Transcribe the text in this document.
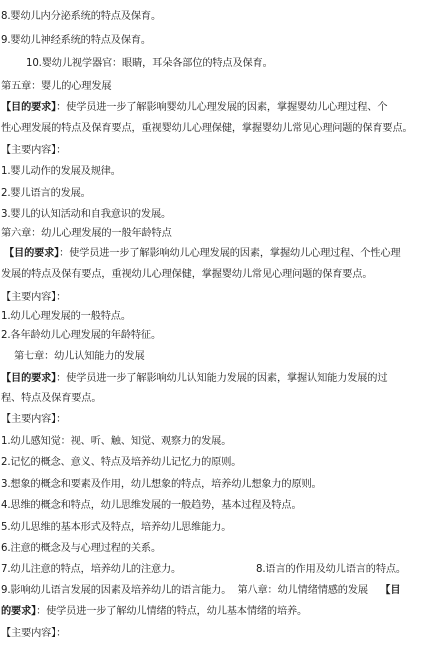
8.婴幼儿内分泌系统的特点及保育。
9.婴幼儿神经系统的特点及保育。
10.婴幼儿视学器官：眼睛，耳朵各部位的特点及保育。
第五章：婴儿的心理发展
【目的要求】：使学员进一步了解影响婴幼儿心理发展的因素，掌握婴幼儿心理过程、个
性心理发展的特点及保育要点，重视婴幼儿心理保健，掌握婴幼儿常见心理问题的保育要点。
【主要内容】：
1.婴儿动作的发展及规律。
2.婴儿语言的发展。
3.婴儿的认知活动和自我意识的发展。
第六章：幼儿心理发展的一般年龄特点
【目的要求】：使学员进一步了解影响幼儿心理发展的因素，掌握幼儿心理过程、个性心理
发展的特点及保有要点，重视幼儿心理保健，掌握婴幼儿常见心理问题的保育要点。
【主要内容】：
1.幼儿心理发展的一般特点。
2.各年龄幼儿心理发展的年龄特征。
第七章：幼儿认知能力的发展
【目的要求】：使学员进一步了解影响幼儿认知能力发展的因素，掌握认知能力发展的过
程、特点及保育要点。
【主要内容】：
1.幼儿感知觉：视、听、触、知觉、观察力的发展。
2.记忆的概念、意义、特点及培养幼儿记忆力的原则。
3.想象的概念和要素及作用，幼儿想象的特点，培养幼儿想象力的原则。
4.思维的概念和特点，幼儿思维发展的一般趋势，基本过程及特点。
5.幼儿思维的基本形式及特点，培养幼儿思维能力。
6.注意的概念及与心理过程的关系。
7.幼儿注意的特点，培养幼儿的注意力。	8.语言的作用及幼儿语言的特点。
9.影响幼儿语言发展的因素及培养幼儿的语言能力。 第八章：幼儿情绪情感的发展 【目
的要求】：使学员进一步了解幼儿情绪的特点，幼儿基本情绪的培养。
【主要内容】：
